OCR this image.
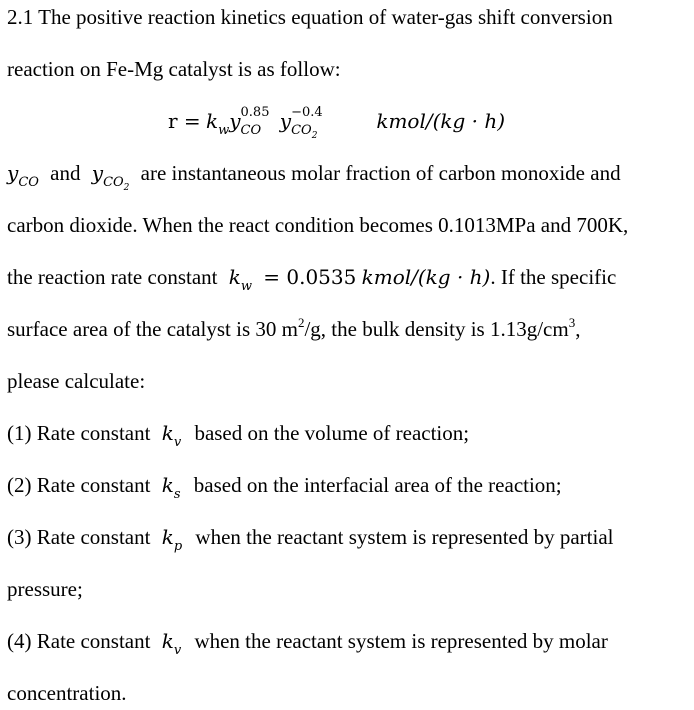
2.1 The positive reaction kinetics equation of water-gas shift conversion
reaction on Fe-Mg catalyst is as follow:
$r = k_wy$ 0.85
CO y −0.4
$CO_2$
kmol/(kg · h)
$y_{CO}$ and $y_{CO_2}$ are instantaneous molar fraction of carbon monoxide and
carbon dioxide. When the react condition becomes 0.1013MPa and 700K,
the reaction rate constant $k_w = 0.0535$ kmol/(kg · h). If the specific
surface area of the catalyst is 30 $m^2/g$, the bulk density is $1.13g/cm^3$,
please calculate:
(1) Rate constant $k_v$ based on the volume of reaction;
(2) Rate constant $k_s$ based on the interfacial area of the reaction;
(3) Rate constant $k_p$ when the reactant system is represented by partial
pressure;
(4) Rate constant $k_v$ when the reactant system is represented by molar
concentration.
